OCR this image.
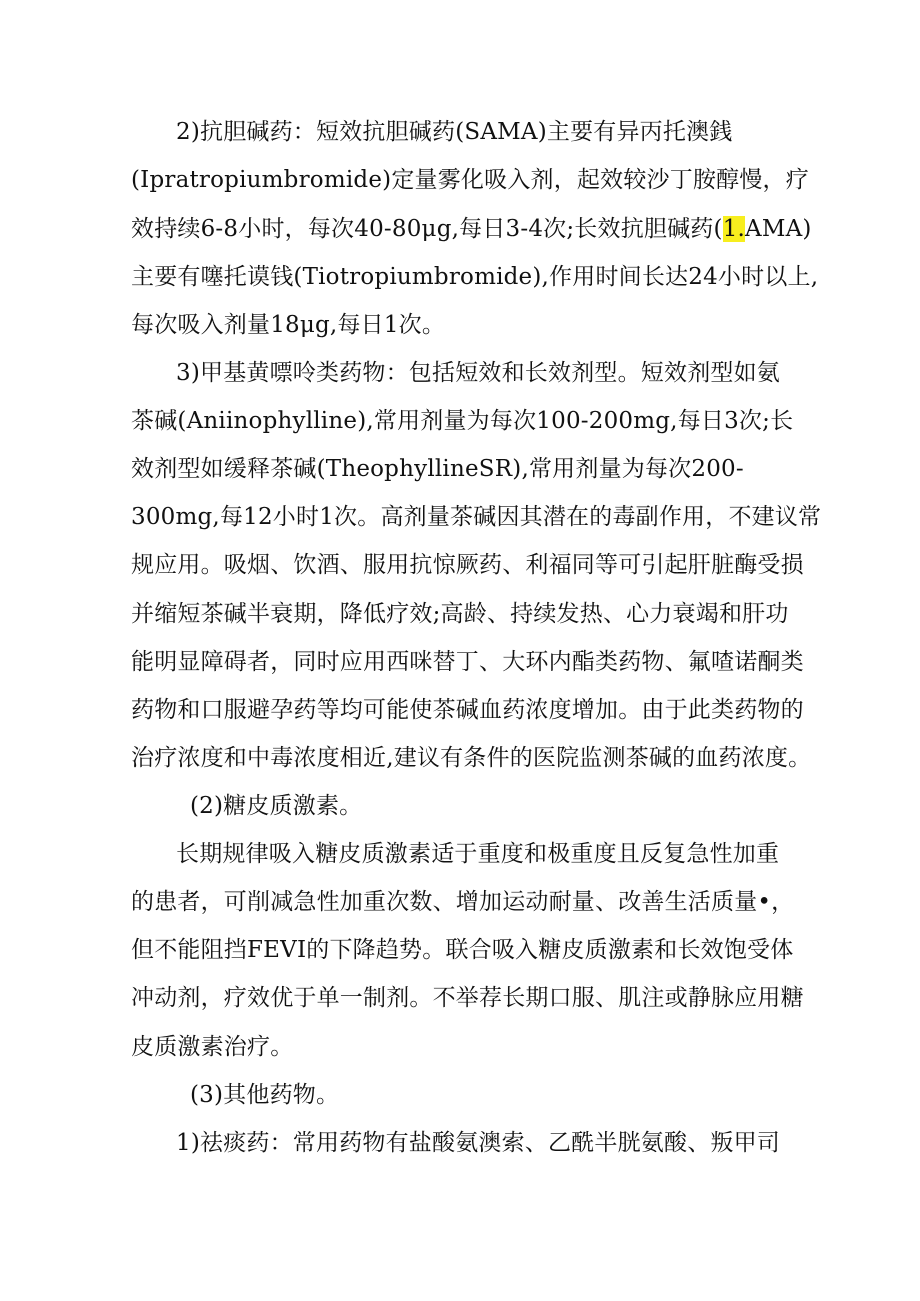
2)抗胆碱药：短效抗胆碱药(SAMA)主要有异丙托澳銭
(Ipratropiumbromide)定量雾化吸入剂，起效较沙丁胺醇慢，疗
效持续6-8小时，每次40-80μg,每日3-4次;长效抗胆碱药(1.AMA)
主要有噻托谟钱(Tiotropiumbromide),作用时间长达24小时以上,
每次吸入剂量18μg,每日1次。
3)甲基黄嘌呤类药物：包括短效和长效剂型。短效剂型如氨
茶碱(Aniinophylline),常用剂量为每次100-200mg,每日3次;长
效剂型如缓释茶碱(TheophyllineSR),常用剂量为每次200-
300mg,每12小时1次。高剂量茶碱因其潜在的毒副作用，不建议常
规应用。吸烟、饮酒、服用抗惊厥药、利福同等可引起肝脏酶受损
并缩短茶碱半衰期，降低疗效;高龄、持续发热、心力衰竭和肝功
能明显障碍者，同时应用西咪替丁、大环内酯类药物、氟喳诺酮类
药物和口服避孕药等均可能使茶碱血药浓度增加。由于此类药物的
治疗浓度和中毒浓度相近,建议有条件的医院监测茶碱的血药浓度。
(2)糖皮质激素。
长期规律吸入糖皮质激素适于重度和极重度且反复急性加重
的患者，可削减急性加重次数、增加运动耐量、改善生活质量•，
但不能阻挡FEVI的下降趋势。联合吸入糖皮质激素和长效饱受体
冲动剂，疗效优于单一制剂。不举荐长期口服、肌注或静脉应用糖
皮质激素治疗。
(3)其他药物。
1)祛痰药：常用药物有盐酸氨澳索、乙酰半胱氨酸、叛甲司
